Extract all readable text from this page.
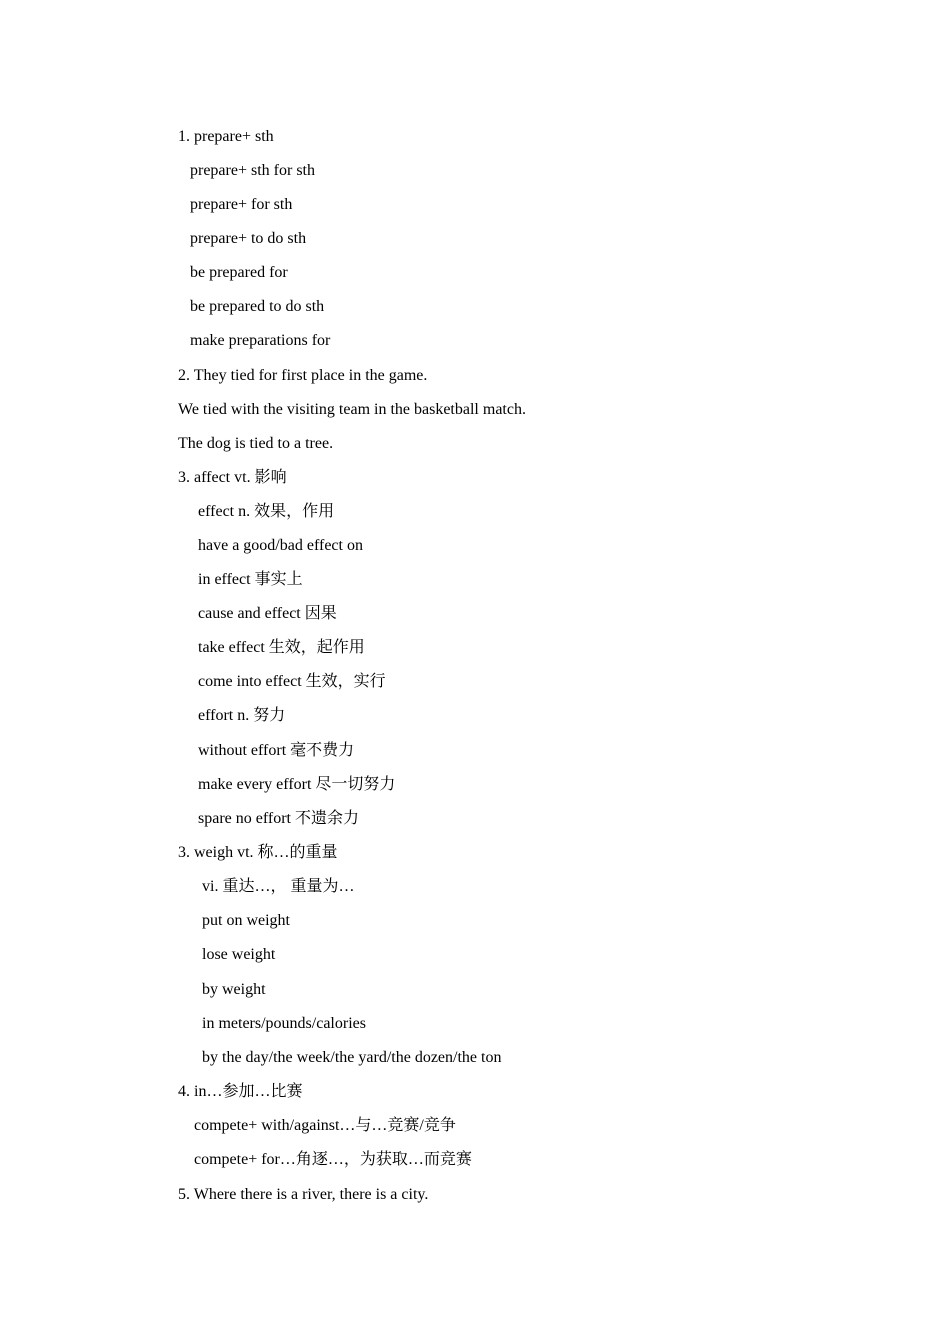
1. prepare+ sth
prepare+ sth for sth
prepare+ for sth
prepare+ to do sth
be prepared for
be prepared to do sth
make preparations for
2. They tied for first place in the game.
We tied with the visiting team in the basketball match.
The dog is tied to a tree.
3. affect vt. 影响
effect n. 效果，作用
have a good/bad effect on
in effect 事实上
cause and effect 因果
take effect 生效，起作用
come into effect 生效，实行
effort n. 努力
without effort 毫不费力
make every effort 尽一切努力
spare no effort 不遗余力
3. weigh vt. 称…的重量
vi. 重达…， 重量为…
put on weight
lose weight
by weight
in meters/pounds/calories
by the day/the week/the yard/the dozen/the ton
4. in…参加…比赛
compete+ with/against…与…竞赛/竞争
compete+ for…角逐…，为获取…而竞赛
5. Where there is a river, there is a city.
